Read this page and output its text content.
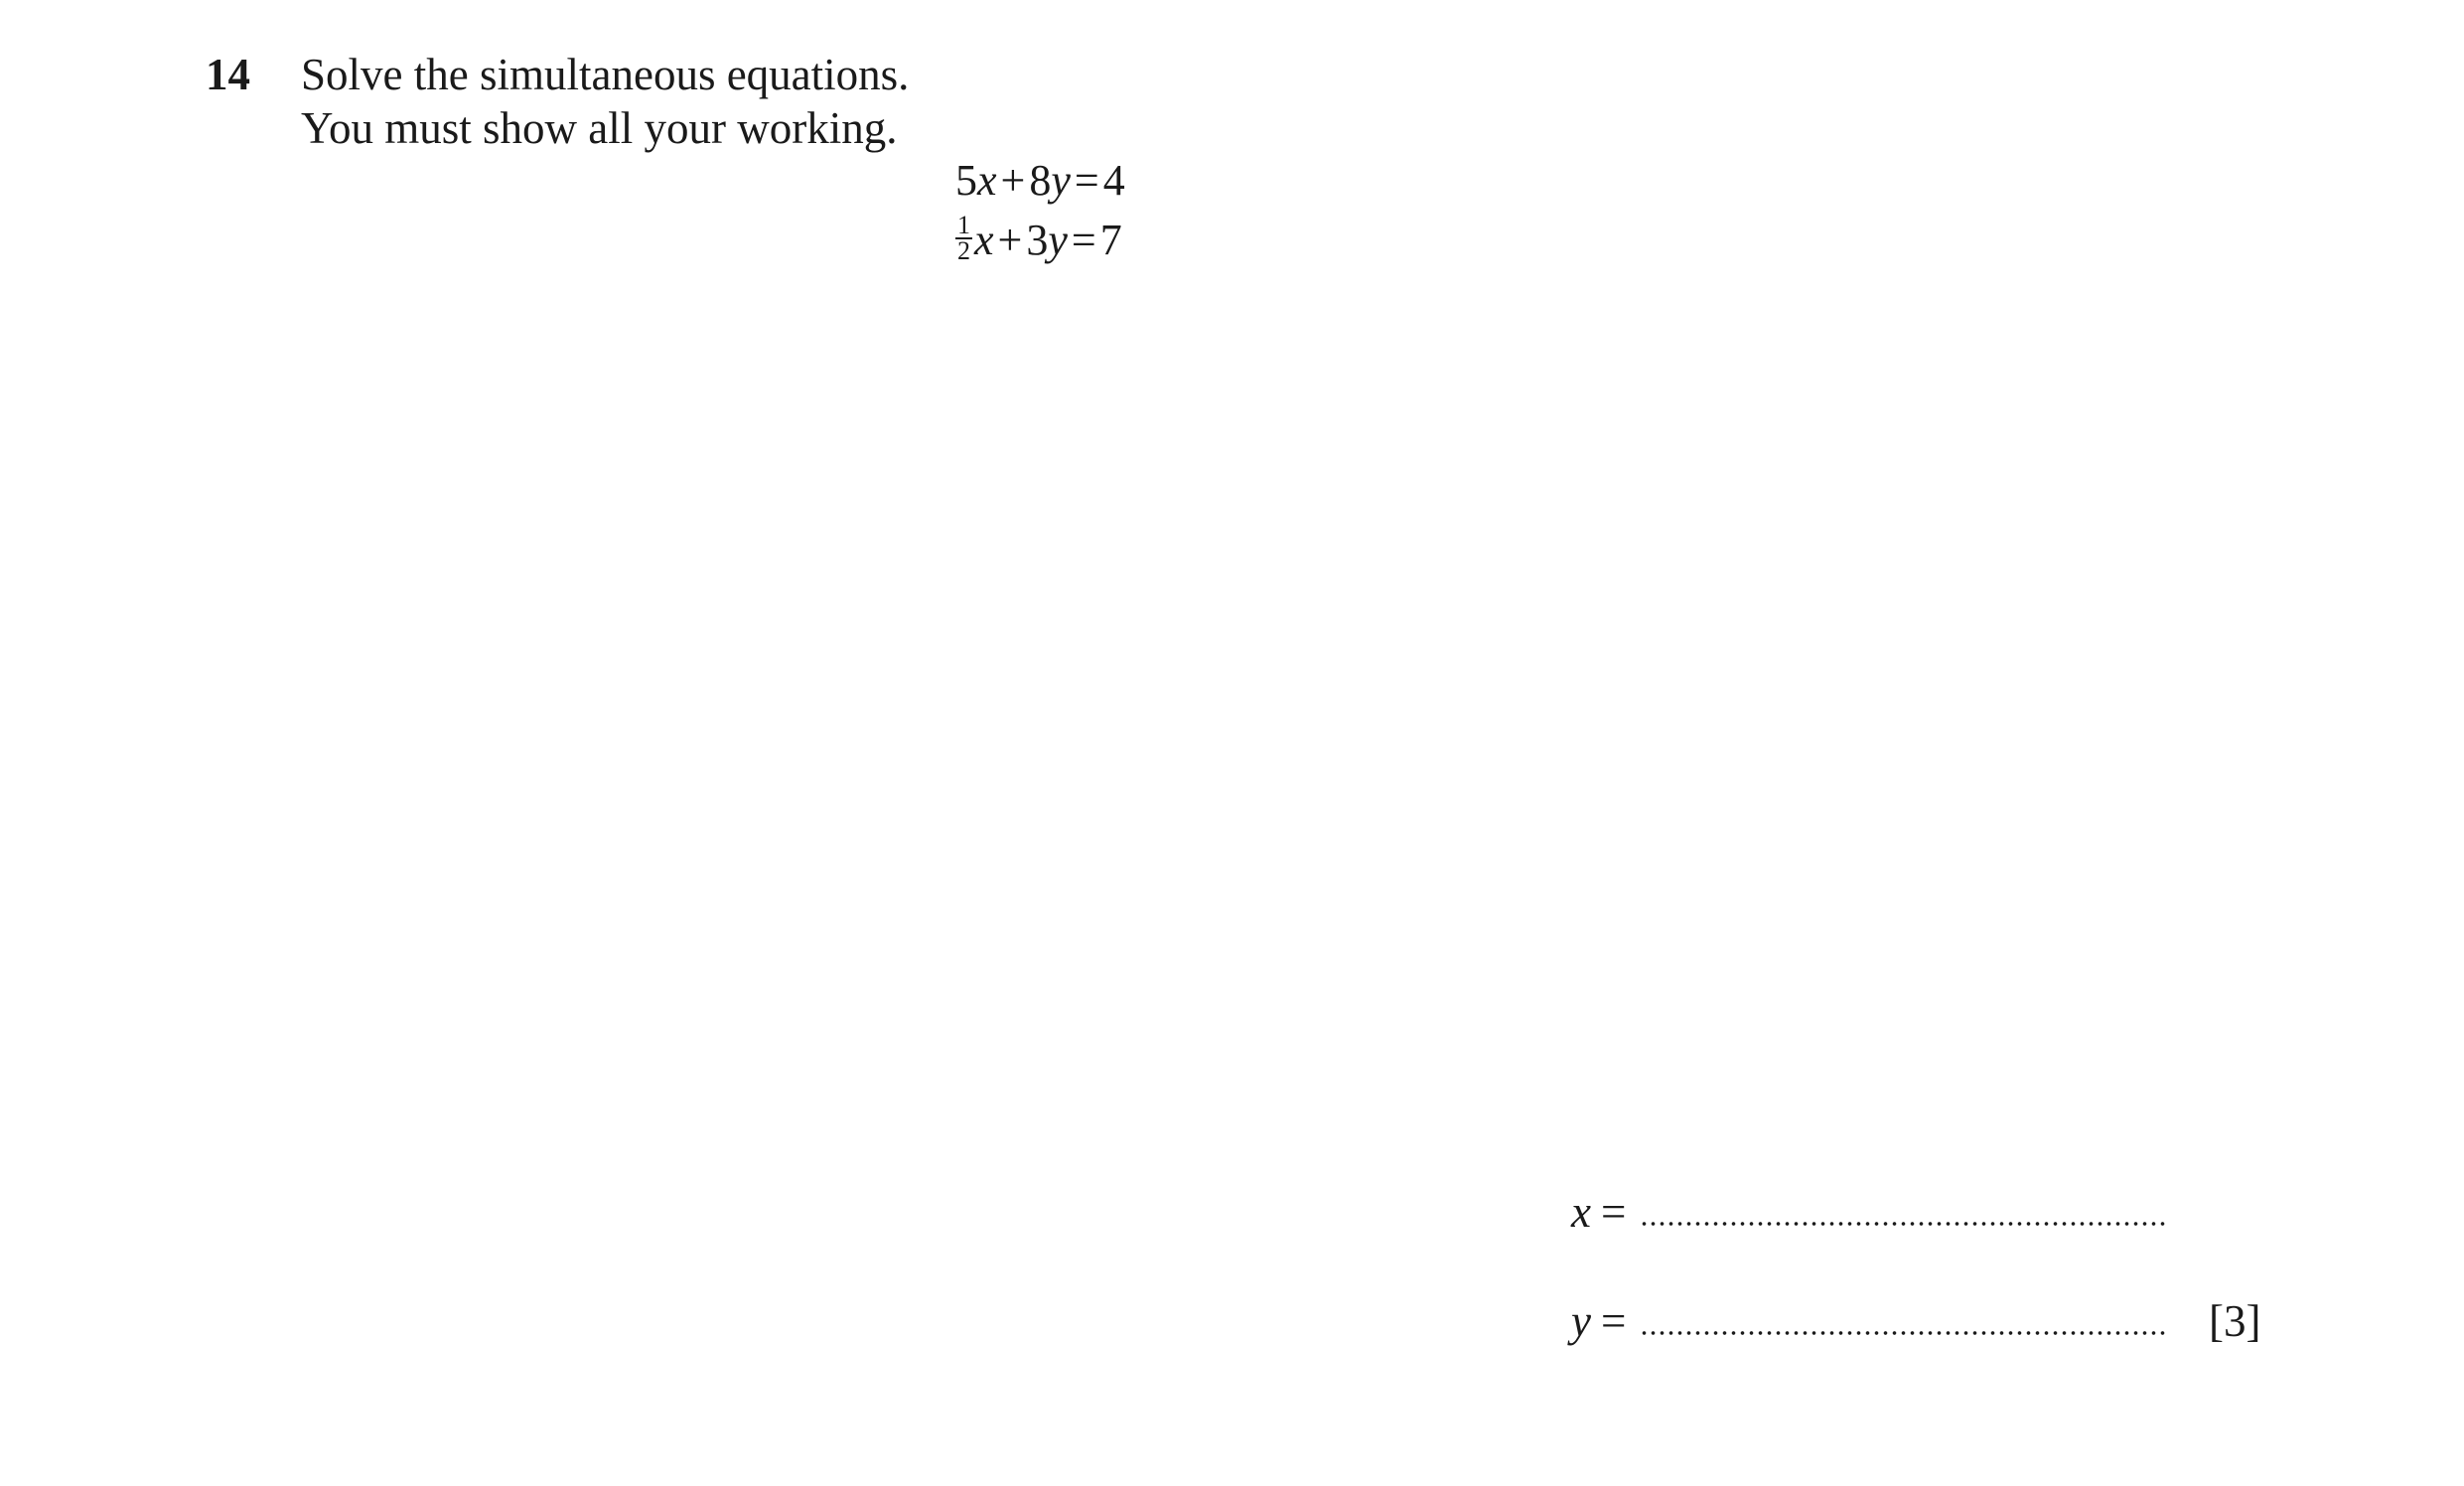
14 Solve the simultaneous equations.
You must show all your working.
5x+8y=4
$\frac{1}{2} x+3y=7$
x =
y =	[3]
